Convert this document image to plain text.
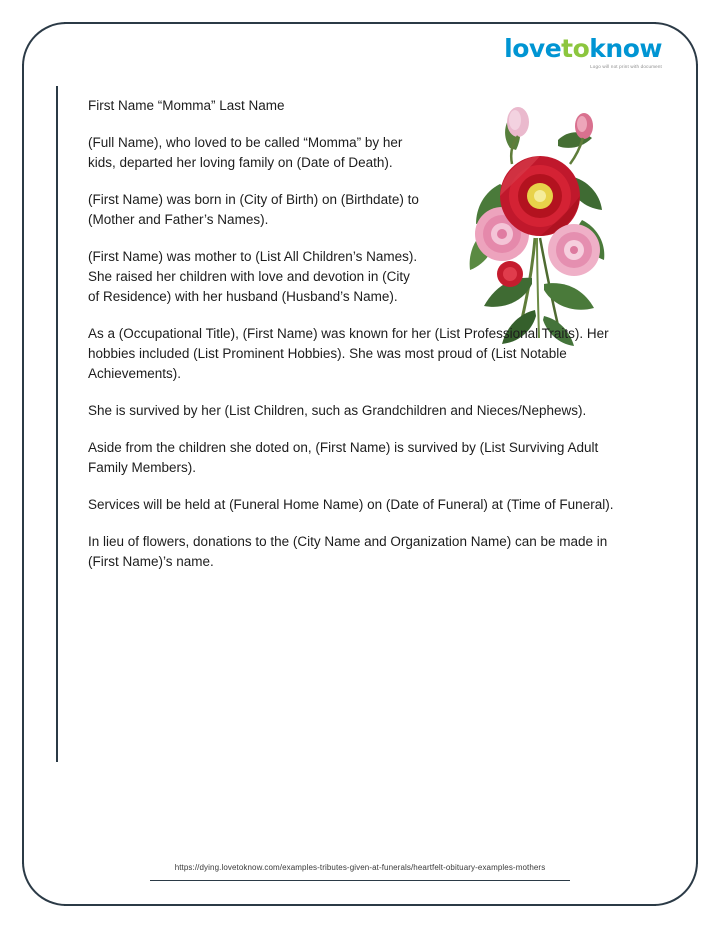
lovetoknow
Logo will not print with document

First Name “Momma” Last Name

(Full Name), who loved to be called “Momma” by her kids, departed her loving family on (Date of Death).

(First Name) was born in (City of Birth) on (Birthdate) to (Mother and Father’s Names).

(First Name) was mother to (List All Children’s Names). She raised her children with love and devotion in (City of Residence) with her husband (Husband’s Name).

As a (Occupational Title), (First Name) was known for her (List Professional Traits). Her hobbies included (List Prominent Hobbies). She was most proud of (List Notable Achievements).

She is survived by her (List Children, such as Grandchildren and Nieces/Nephews).

Aside from the children she doted on, (First Name) is survived by (List Surviving Adult Family Members).

Services will be held at (Funeral Home Name) on (Date of Funeral) at (Time of Funeral).

In lieu of flowers, donations to the (City Name and Organization Name) can be made in (First Name)’s name.

https://dying.lovetoknow.com/examples-tributes-given-at-funerals/heartfelt-obituary-examples-mothers
